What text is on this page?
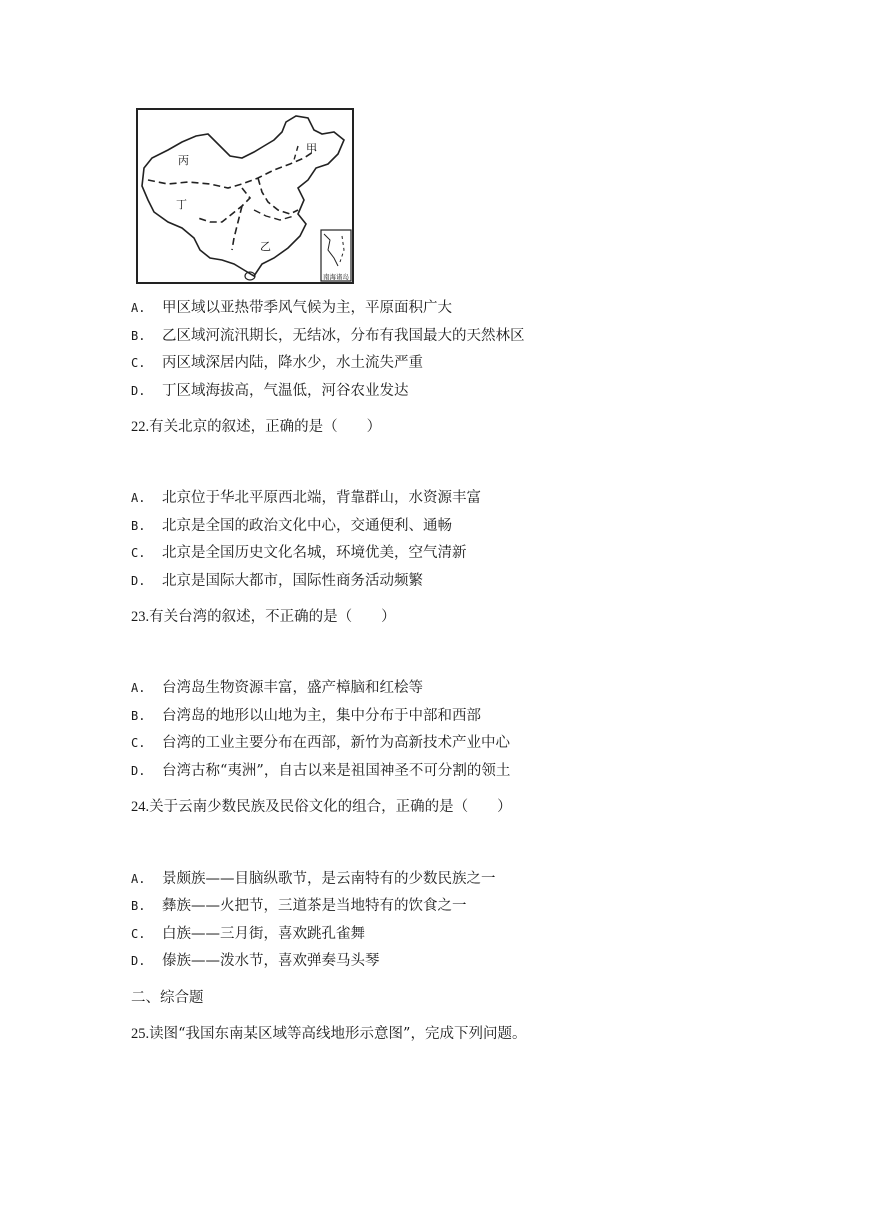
丙
甲
丁
乙
南海诸岛
A. 甲区域以亚热带季风气候为主，平原面积广大
B. 乙区域河流汛期长，无结冰，分布有我国最大的天然林区
C. 丙区域深居内陆，降水少，水土流失严重
D. 丁区域海拔高，气温低，河谷农业发达
22.有关北京的叙述，正确的是（　　）
A. 北京位于华北平原西北端，背靠群山，水资源丰富
B. 北京是全国的政治文化中心，交通便利、通畅
C. 北京是全国历史文化名城，环境优美，空气清新
D. 北京是国际大都市，国际性商务活动频繁
23.有关台湾的叙述，不正确的是（　　）
A. 台湾岛生物资源丰富，盛产樟脑和红桧等
B. 台湾岛的地形以山地为主，集中分布于中部和西部
C. 台湾的工业主要分布在西部，新竹为高新技术产业中心
D. 台湾古称“夷洲”，自古以来是祖国神圣不可分割的领土
24.关于云南少数民族及民俗文化的组合，正确的是（　　）
A. 景颇族——目脑纵歌节，是云南特有的少数民族之一
B. 彝族——火把节，三道茶是当地特有的饮食之一
C. 白族——三月街，喜欢跳孔雀舞
D. 傣族——泼水节，喜欢弹奏马头琴
二、综合题
25.读图“我国东南某区域等高线地形示意图”，完成下列问题。
